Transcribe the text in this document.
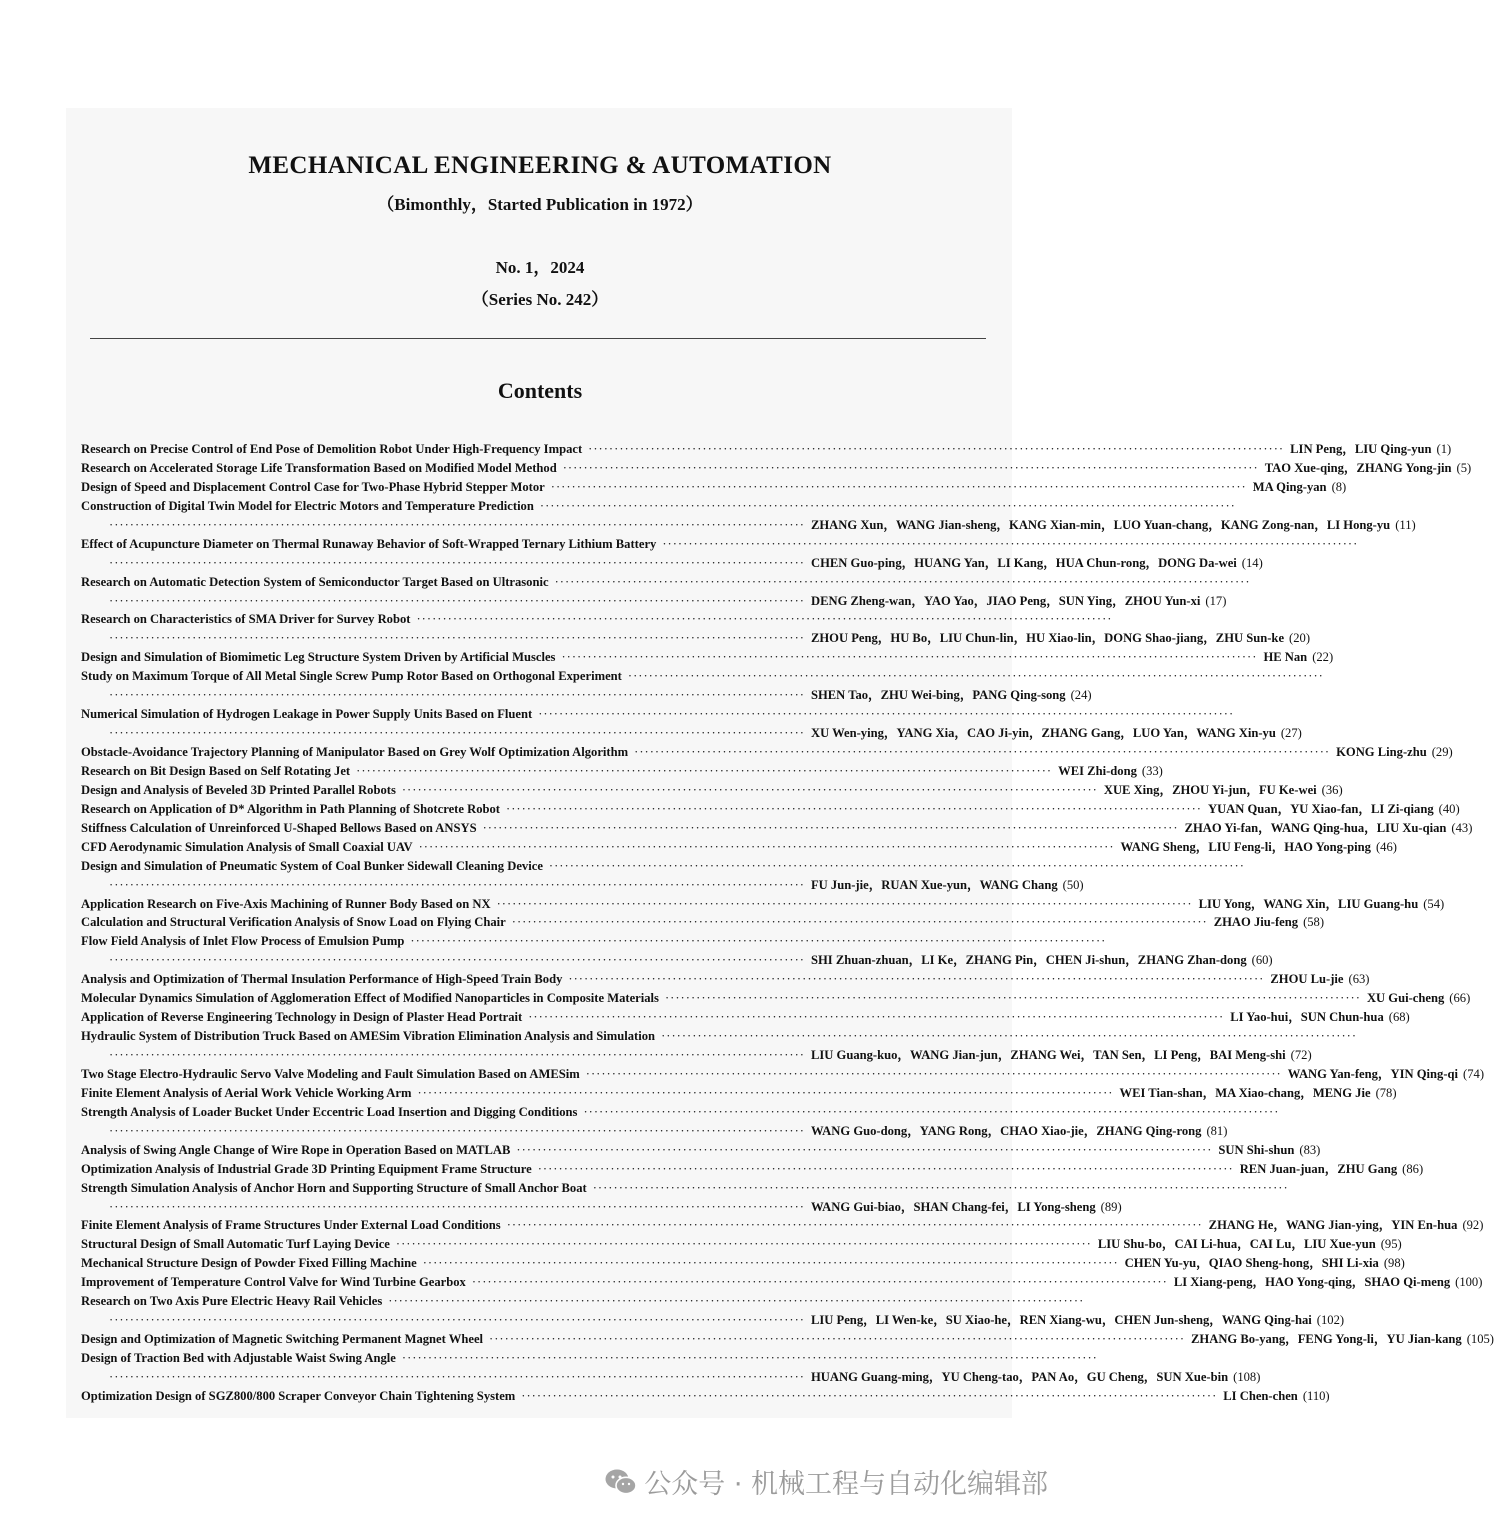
MECHANICAL ENGINEERING & AUTOMATION
（Bimonthly，Started Publication in 1972）
No. 1，2024
（Series No. 242）
Contents
Research on Precise Control of End Pose of Demolition Robot Under High-Frequency Impact ······································································································································ LIN Peng，LIU Qing-yun (1)
Research on Accelerated Storage Life Transformation Based on Modified Model Method ······································································································································ TAO Xue-qing，ZHANG Yong-jin (5)
Design of Speed and Displacement Control Case for Two-Phase Hybrid Stepper Motor ······································································································································ MA Qing-yan (8)
Construction of Digital Twin Model for Electric Motors and Temperature Prediction ······································································································································
······································································································································ ZHANG Xun，WANG Jian-sheng，KANG Xian-min，LUO Yuan-chang，KANG Zong-nan，LI Hong-yu (11)
Effect of Acupuncture Diameter on Thermal Runaway Behavior of Soft-Wrapped Ternary Lithium Battery ······································································································································
······································································································································ CHEN Guo-ping，HUANG Yan，LI Kang，HUA Chun-rong，DONG Da-wei (14)
Research on Automatic Detection System of Semiconductor Target Based on Ultrasonic ······································································································································
······································································································································ DENG Zheng-wan，YAO Yao，JIAO Peng，SUN Ying，ZHOU Yun-xi (17)
Research on Characteristics of SMA Driver for Survey Robot ······································································································································
······································································································································ ZHOU Peng，HU Bo，LIU Chun-lin，HU Xiao-lin，DONG Shao-jiang，ZHU Sun-ke (20)
Design and Simulation of Biomimetic Leg Structure System Driven by Artificial Muscles ······································································································································ HE Nan (22)
Study on Maximum Torque of All Metal Single Screw Pump Rotor Based on Orthogonal Experiment ······································································································································
······································································································································ SHEN Tao，ZHU Wei-bing，PANG Qing-song (24)
Numerical Simulation of Hydrogen Leakage in Power Supply Units Based on Fluent ······································································································································
······································································································································ XU Wen-ying，YANG Xia，CAO Ji-yin，ZHANG Gang，LUO Yan，WANG Xin-yu (27)
Obstacle-Avoidance Trajectory Planning of Manipulator Based on Grey Wolf Optimization Algorithm ······································································································································ KONG Ling-zhu (29)
Research on Bit Design Based on Self Rotating Jet ······································································································································ WEI Zhi-dong (33)
Design and Analysis of Beveled 3D Printed Parallel Robots ······································································································································ XUE Xing，ZHOU Yi-jun，FU Ke-wei (36)
Research on Application of D* Algorithm in Path Planning of Shotcrete Robot ······································································································································ YUAN Quan，YU Xiao-fan，LI Zi-qiang (40)
Stiffness Calculation of Unreinforced U-Shaped Bellows Based on ANSYS ······································································································································ ZHAO Yi-fan，WANG Qing-hua，LIU Xu-qian (43)
CFD Aerodynamic Simulation Analysis of Small Coaxial UAV ······································································································································ WANG Sheng，LIU Feng-li，HAO Yong-ping (46)
Design and Simulation of Pneumatic System of Coal Bunker Sidewall Cleaning Device ······································································································································
······································································································································ FU Jun-jie，RUAN Xue-yun，WANG Chang (50)
Application Research on Five-Axis Machining of Runner Body Based on NX ······································································································································ LIU Yong，WANG Xin，LIU Guang-hu (54)
Calculation and Structural Verification Analysis of Snow Load on Flying Chair ······································································································································ ZHAO Jiu-feng (58)
Flow Field Analysis of Inlet Flow Process of Emulsion Pump ······································································································································
······································································································································ SHI Zhuan-zhuan，LI Ke，ZHANG Pin，CHEN Ji-shun，ZHANG Zhan-dong (60)
Analysis and Optimization of Thermal Insulation Performance of High-Speed Train Body ······································································································································ ZHOU Lu-jie (63)
Molecular Dynamics Simulation of Agglomeration Effect of Modified Nanoparticles in Composite Materials ······································································································································ XU Gui-cheng (66)
Application of Reverse Engineering Technology in Design of Plaster Head Portrait ······································································································································ LI Yao-hui，SUN Chun-hua (68)
Hydraulic System of Distribution Truck Based on AMESim Vibration Elimination Analysis and Simulation ······································································································································
······································································································································ LIU Guang-kuo，WANG Jian-jun，ZHANG Wei，TAN Sen，LI Peng，BAI Meng-shi (72)
Two Stage Electro-Hydraulic Servo Valve Modeling and Fault Simulation Based on AMESim ······································································································································ WANG Yan-feng，YIN Qing-qi (74)
Finite Element Analysis of Aerial Work Vehicle Working Arm ······································································································································ WEI Tian-shan，MA Xiao-chang，MENG Jie (78)
Strength Analysis of Loader Bucket Under Eccentric Load Insertion and Digging Conditions ······································································································································
······································································································································ WANG Guo-dong，YANG Rong，CHAO Xiao-jie，ZHANG Qing-rong (81)
Analysis of Swing Angle Change of Wire Rope in Operation Based on MATLAB ······································································································································ SUN Shi-shun (83)
Optimization Analysis of Industrial Grade 3D Printing Equipment Frame Structure ······································································································································ REN Juan-juan，ZHU Gang (86)
Strength Simulation Analysis of Anchor Horn and Supporting Structure of Small Anchor Boat ······································································································································
······································································································································ WANG Gui-biao，SHAN Chang-fei，LI Yong-sheng (89)
Finite Element Analysis of Frame Structures Under External Load Conditions ······································································································································ ZHANG He，WANG Jian-ying，YIN En-hua (92)
Structural Design of Small Automatic Turf Laying Device ······································································································································ LIU Shu-bo，CAI Li-hua，CAI Lu，LIU Xue-yun (95)
Mechanical Structure Design of Powder Fixed Filling Machine ······································································································································ CHEN Yu-yu，QIAO Sheng-hong，SHI Li-xia (98)
Improvement of Temperature Control Valve for Wind Turbine Gearbox ······································································································································ LI Xiang-peng，HAO Yong-qing，SHAO Qi-meng (100)
Research on Two Axis Pure Electric Heavy Rail Vehicles ······································································································································
······································································································································ LIU Peng，LI Wen-ke，SU Xiao-he，REN Xiang-wu，CHEN Jun-sheng，WANG Qing-hai (102)
Design and Optimization of Magnetic Switching Permanent Magnet Wheel ······································································································································ ZHANG Bo-yang，FENG Yong-li，YU Jian-kang (105)
Design of Traction Bed with Adjustable Waist Swing Angle ······································································································································
······································································································································ HUANG Guang-ming，YU Cheng-tao，PAN Ao，GU Cheng，SUN Xue-bin (108)
Optimization Design of SGZ800/800 Scraper Conveyor Chain Tightening System ······································································································································ LI Chen-chen (110)
公众号 · 机械工程与自动化编辑部
